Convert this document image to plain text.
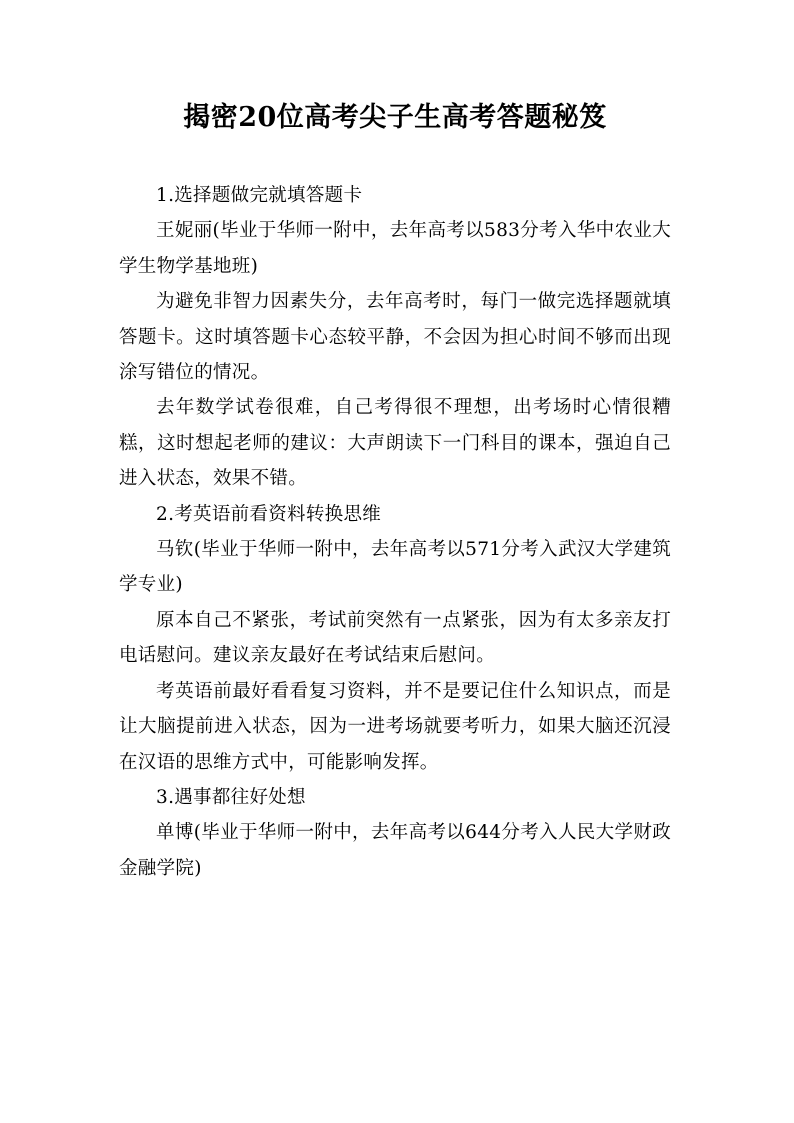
揭密20位高考尖子生高考答题秘笈

1.选择题做完就填答题卡

王妮丽(毕业于华师一附中，去年高考以583分考入华中农业大学生物学基地班)

为避免非智力因素失分，去年高考时，每门一做完选择题就填答题卡。这时填答题卡心态较平静，不会因为担心时间不够而出现涂写错位的情况。

去年数学试卷很难，自己考得很不理想，出考场时心情很糟糕，这时想起老师的建议：大声朗读下一门科目的课本，强迫自己进入状态，效果不错。

2.考英语前看资料转换思维

马钦(毕业于华师一附中，去年高考以571分考入武汉大学建筑学专业)

原本自己不紧张，考试前突然有一点紧张，因为有太多亲友打电话慰问。建议亲友最好在考试结束后慰问。

考英语前最好看看复习资料，并不是要记住什么知识点，而是让大脑提前进入状态，因为一进考场就要考听力，如果大脑还沉浸在汉语的思维方式中，可能影响发挥。

3.遇事都往好处想

单博(毕业于华师一附中，去年高考以644分考入人民大学财政金融学院)
